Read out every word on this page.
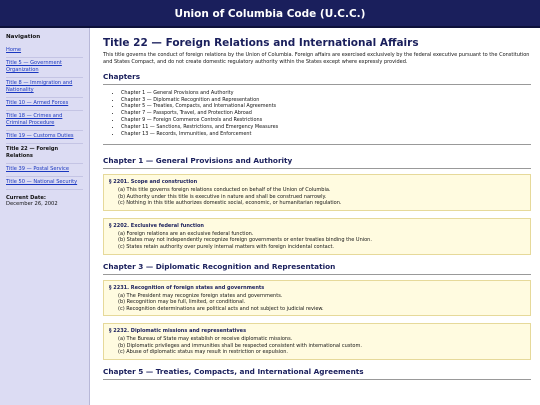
Union of Columbia Code (U.C.C.)
Navigation
Home
Title 5 — Government Organization
Title 8 — Immigration and Nationality
Title 10 — Armed Forces
Title 18 — Crimes and Criminal Procedure
Title 19 — Customs Duties
Title 22 — Foreign Relations
Title 39 — Postal Service
Title 50 — National Security
Current Date:
December 26, 2002
Title 22 — Foreign Relations and International Affairs

This title governs the conduct of foreign relations by the Union of Columbia. Foreign affairs are exercised exclusively by the federal executive pursuant to the Constitution and States Compact, and do not create domestic regulatory authority within the States except where expressly provided.

Chapters
• Chapter 1 — General Provisions and Authority
• Chapter 3 — Diplomatic Recognition and Representation
• Chapter 5 — Treaties, Compacts, and International Agreements
• Chapter 7 — Passports, Travel, and Protection Abroad
• Chapter 9 — Foreign Commerce Controls and Restrictions
• Chapter 11 — Sanctions, Restrictions, and Emergency Measures
• Chapter 13 — Records, Immunities, and Enforcement
Chapter 1 — General Provisions and Authority
§ 2201. Scope and construction
(a) This title governs foreign relations conducted on behalf of the Union of Columbia.
(b) Authority under this title is executive in nature and shall be construed narrowly.
(c) Nothing in this title authorizes domestic social, economic, or humanitarian regulation.
§ 2202. Exclusive federal function
(a) Foreign relations are an exclusive federal function.
(b) States may not independently recognize foreign governments or enter treaties binding the Union.
(c) States retain authority over purely internal matters with foreign incidental contact.
Chapter 3 — Diplomatic Recognition and Representation
§ 2231. Recognition of foreign states and governments
(a) The President may recognize foreign states and governments.
(b) Recognition may be full, limited, or conditional.
(c) Recognition determinations are political acts and not subject to judicial review.
§ 2232. Diplomatic missions and representatives
(a) The Bureau of State may establish or receive diplomatic missions.
(b) Diplomatic privileges and immunities shall be respected consistent with international custom.
(c) Abuse of diplomatic status may result in restriction or expulsion.
Chapter 5 — Treaties, Compacts, and International Agreements
